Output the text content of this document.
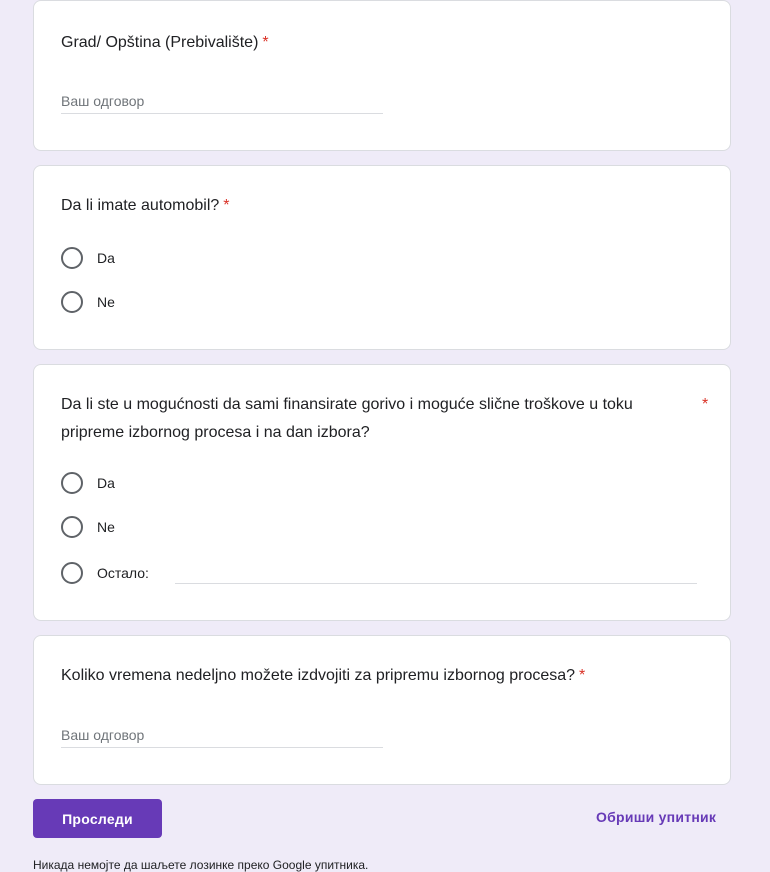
Grad/ Opština (Prebivalište) *
Ваш одговор
Da li imate automobil? *
Da
Ne
Da li ste u mogućnosti da sami finansirate gorivo i moguće slične troškove u toku	*

pripreme izbornog procesa i na dan izbora?
Da
Ne
Остало:
Koliko vremena nedeljno možete izdvojiti za pripremu izbornog procesa? *
Ваш одговор
Проследи	Обриши упитник
Никада немојте да шаљете лозинке преко Google упитника.
